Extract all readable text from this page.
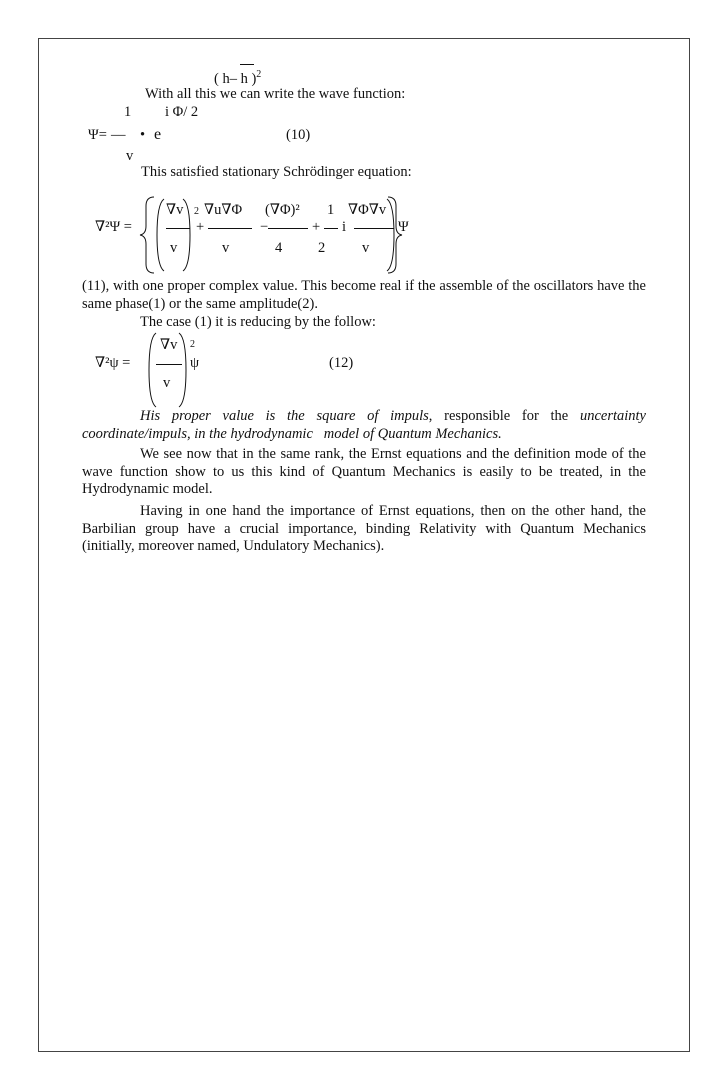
( h– h )$^2$
With all this we can write the wave function:
1 i Φ/ 2
Ψ= –– • e	(10)
v
This satisfied stationary Schrödinger equation:
∇²Ψ =
∇v 2
v
+
∇u∇Φ
v
−
(∇Φ)²
4
+
1
2
i
∇Φ∇v
v
Ψ
(11), with one proper complex value. This become real if the assemble of the oscillators have the same phase(1) or the same amplitude(2).
The case (1) it is reducing by the follow:
∇²ψ =
∇v
v
2
ψ	(12)
His proper value is the square of impuls, responsible for the uncertainty coordinate/impuls, in the hydrodynamic   model of Quantum Mechanics.
We see now that in the same rank, the Ernst equations and the definition mode of the wave function show to us this kind of Quantum Mechanics is easily to be treated, in the Hydrodynamic model.
Having in one hand the importance of Ernst equations, then on the other hand, the Barbilian group have a crucial importance, binding Relativity with Quantum Mechanics (initially, moreover named, Undulatory Mechanics).
